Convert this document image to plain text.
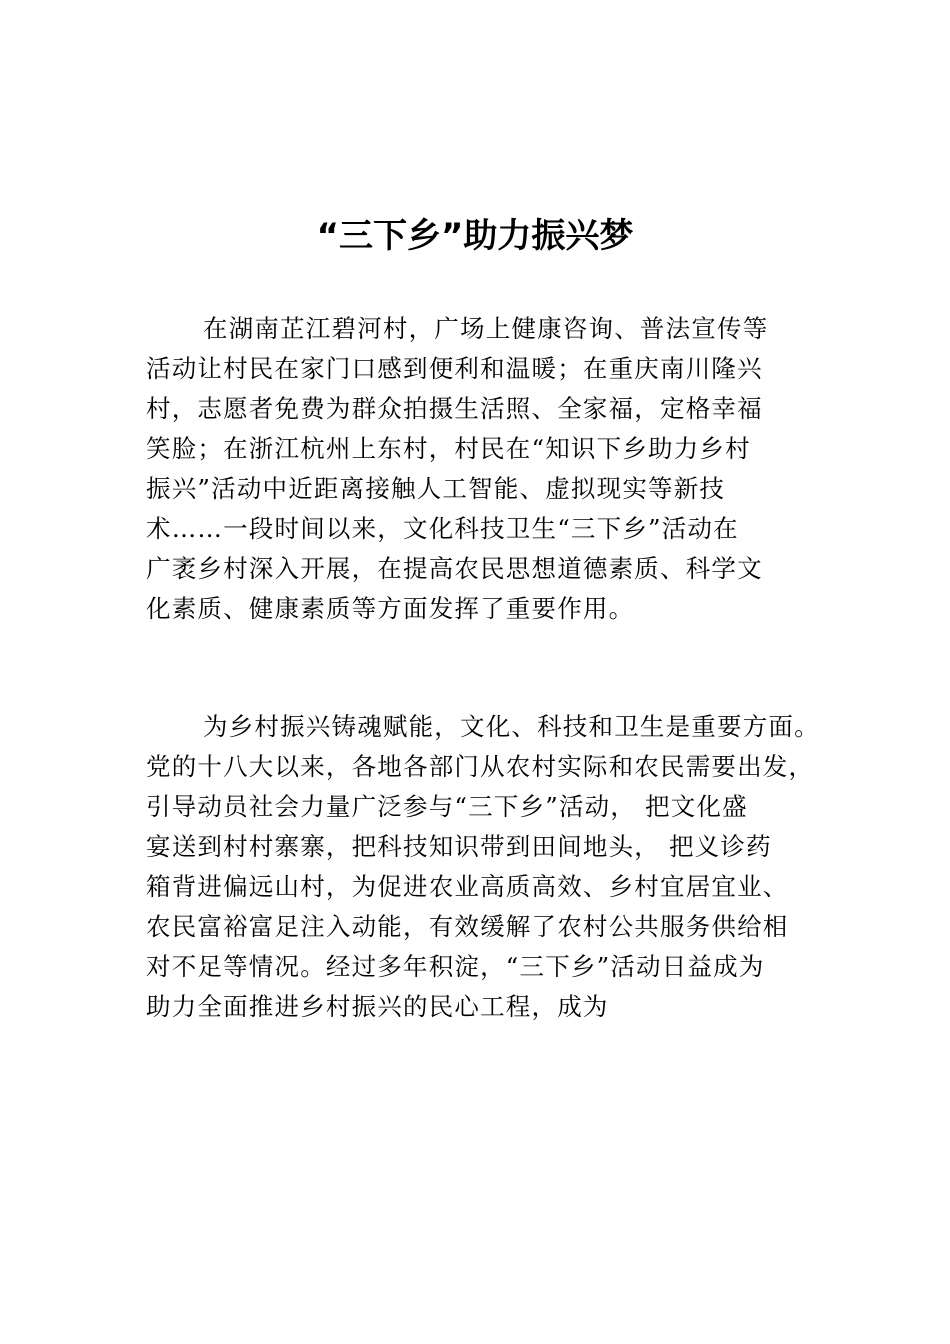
“三下乡”助力振兴梦
在湖南芷江碧河村，广场上健康咨询、普法宣传等
活动让村民在家门口感到便利和温暖；在重庆南川隆兴
村，志愿者免费为群众拍摄生活照、全家福，定格幸福
笑脸；在浙江杭州上东村，村民在“知识下乡助力乡村
振兴”活动中近距离接触人工智能、虚拟现实等新技
术……一段时间以来，文化科技卫生“三下乡”活动在
广袤乡村深入开展，在提高农民思想道德素质、科学文
化素质、健康素质等方面发挥了重要作用。
为乡村振兴铸魂赋能，文化、科技和卫生是重要方面。
党的十八大以来，各地各部门从农村实际和农民需要出发，
引导动员社会力量广泛参与“三下乡”活动， 把文化盛
宴送到村村寨寨，把科技知识带到田间地头， 把义诊药
箱背进偏远山村，为促进农业高质高效、乡村宜居宜业、
农民富裕富足注入动能，有效缓解了农村公共服务供给相
对不足等情况。经过多年积淀，“三下乡”活动日益成为
助力全面推进乡村振兴的民心工程，成为
